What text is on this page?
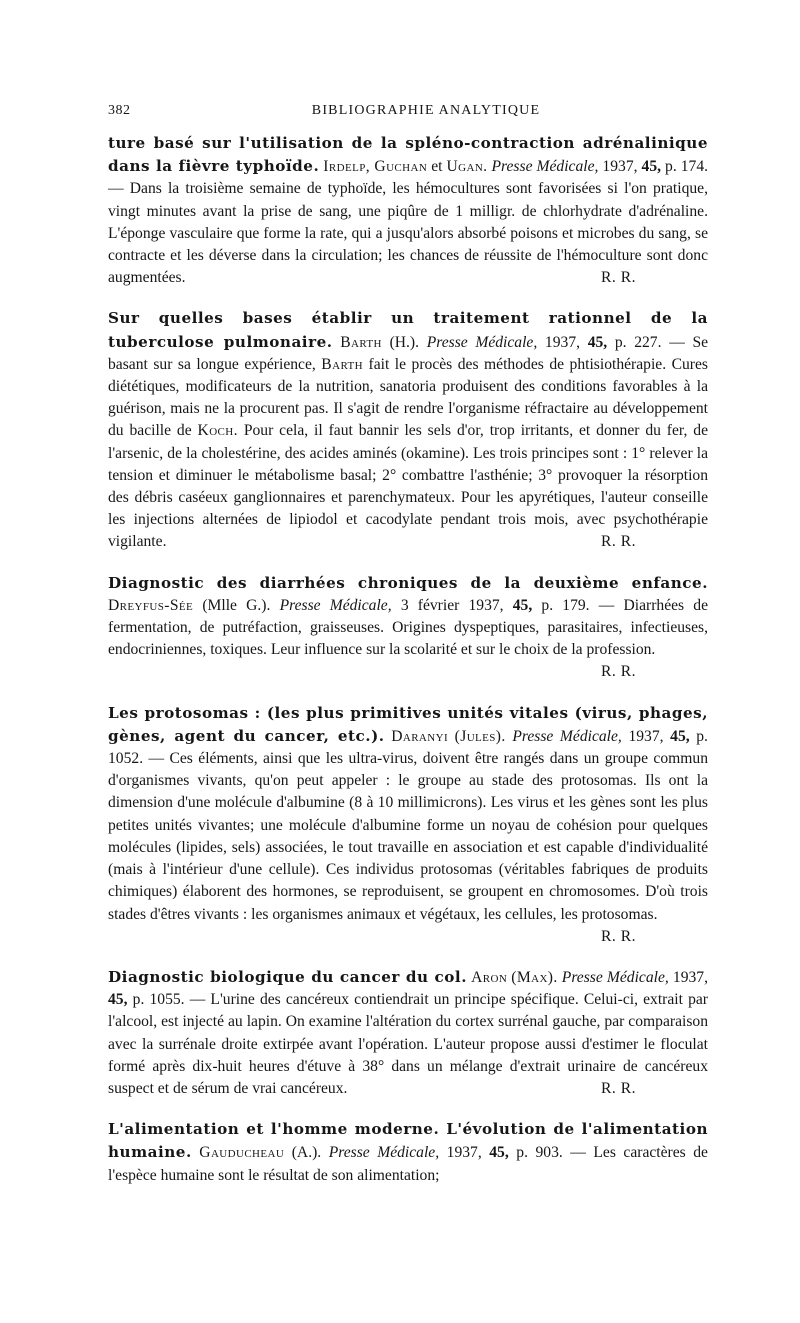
382	BIBLIOGRAPHIE ANALYTIQUE

ture basé sur l'utilisation de la spléno-contraction adrénalinique dans la fièvre typhoïde. Irdelp, Guchan et Ugan. Presse Médicale, 1937, 45, p. 174. — Dans la troisième semaine de typhoïde, les hémocultures sont favorisées si l'on pratique, vingt minutes avant la prise de sang, une piqûre de 1 milligr. de chlorhydrate d'adrénaline. L'éponge vasculaire que forme la rate, qui a jusqu'alors absorbé poisons et microbes du sang, se contracte et les déverse dans la circulation; les chances de réussite de l'hémoculture sont donc augmentées.	R. R.

Sur quelles bases établir un traitement rationnel de la tuberculose pulmonaire. Barth (H.). Presse Médicale, 1937, 45, p. 227. — Se basant sur sa longue expérience, Barth fait le procès des méthodes de phtisiothérapie. Cures diététiques, modificateurs de la nutrition, sanatoria produisent des conditions favorables à la guérison, mais ne la procurent pas. Il s'agit de rendre l'organisme réfractaire au développement du bacille de Koch. Pour cela, il faut bannir les sels d'or, trop irritants, et donner du fer, de l'arsenic, de la cholestérine, des acides aminés (okamine). Les trois principes sont : 1° relever la tension et diminuer le métabolisme basal; 2° combattre l'asthénie; 3° provoquer la résorption des débris caséeux ganglionnaires et parenchymateux. Pour les apyrétiques, l'auteur conseille les injections alternées de lipiodol et cacodylate pendant trois mois, avec psychothérapie vigilante.	R. R.

Diagnostic des diarrhées chroniques de la deuxième enfance. Dreyfus-Sée (Mlle G.). Presse Médicale, 3 février 1937, 45, p. 179. — Diarrhées de fermentation, de putréfaction, graisseuses. Origines dyspeptiques, parasitaires, infectieuses, endocriniennes, toxiques. Leur influence sur la scolarité et sur le choix de la profession.
R. R.

Les protosomas : (les plus primitives unités vitales (virus, phages, gènes, agent du cancer, etc.). Daranyi (Jules). Presse Médicale, 1937, 45, p. 1052. — Ces éléments, ainsi que les ultra-virus, doivent être rangés dans un groupe commun d'organismes vivants, qu'on peut appeler : le groupe au stade des protosomas. Ils ont la dimension d'une molécule d'albumine (8 à 10 millimicrons). Les virus et les gènes sont les plus petites unités vivantes; une molécule d'albumine forme un noyau de cohésion pour quelques molécules (lipides, sels) associées, le tout travaille en association et est capable d'individualité (mais à l'intérieur d'une cellule). Ces individus protosomas (véritables fabriques de produits chimiques) élaborent des hormones, se reproduisent, se groupent en chromosomes. D'où trois stades d'êtres vivants : les organismes animaux et végétaux, les cellules, les protosomas.
R. R.

Diagnostic biologique du cancer du col. Aron (Max). Presse Médicale, 1937, 45, p. 1055. — L'urine des cancéreux contiendrait un principe spécifique. Celui-ci, extrait par l'alcool, est injecté au lapin. On examine l'altération du cortex surrénal gauche, par comparaison avec la surrénale droite extirpée avant l'opération. L'auteur propose aussi d'estimer le floculat formé après dix-huit heures d'étuve à 38° dans un mélange d'extrait urinaire de cancéreux suspect et de sérum de vrai cancéreux.	R. R.

L'alimentation et l'homme moderne. L'évolution de l'alimentation humaine. Gauducheau (A.). Presse Médicale, 1937, 45, p. 903. — Les caractères de l'espèce humaine sont le résultat de son alimentation;
